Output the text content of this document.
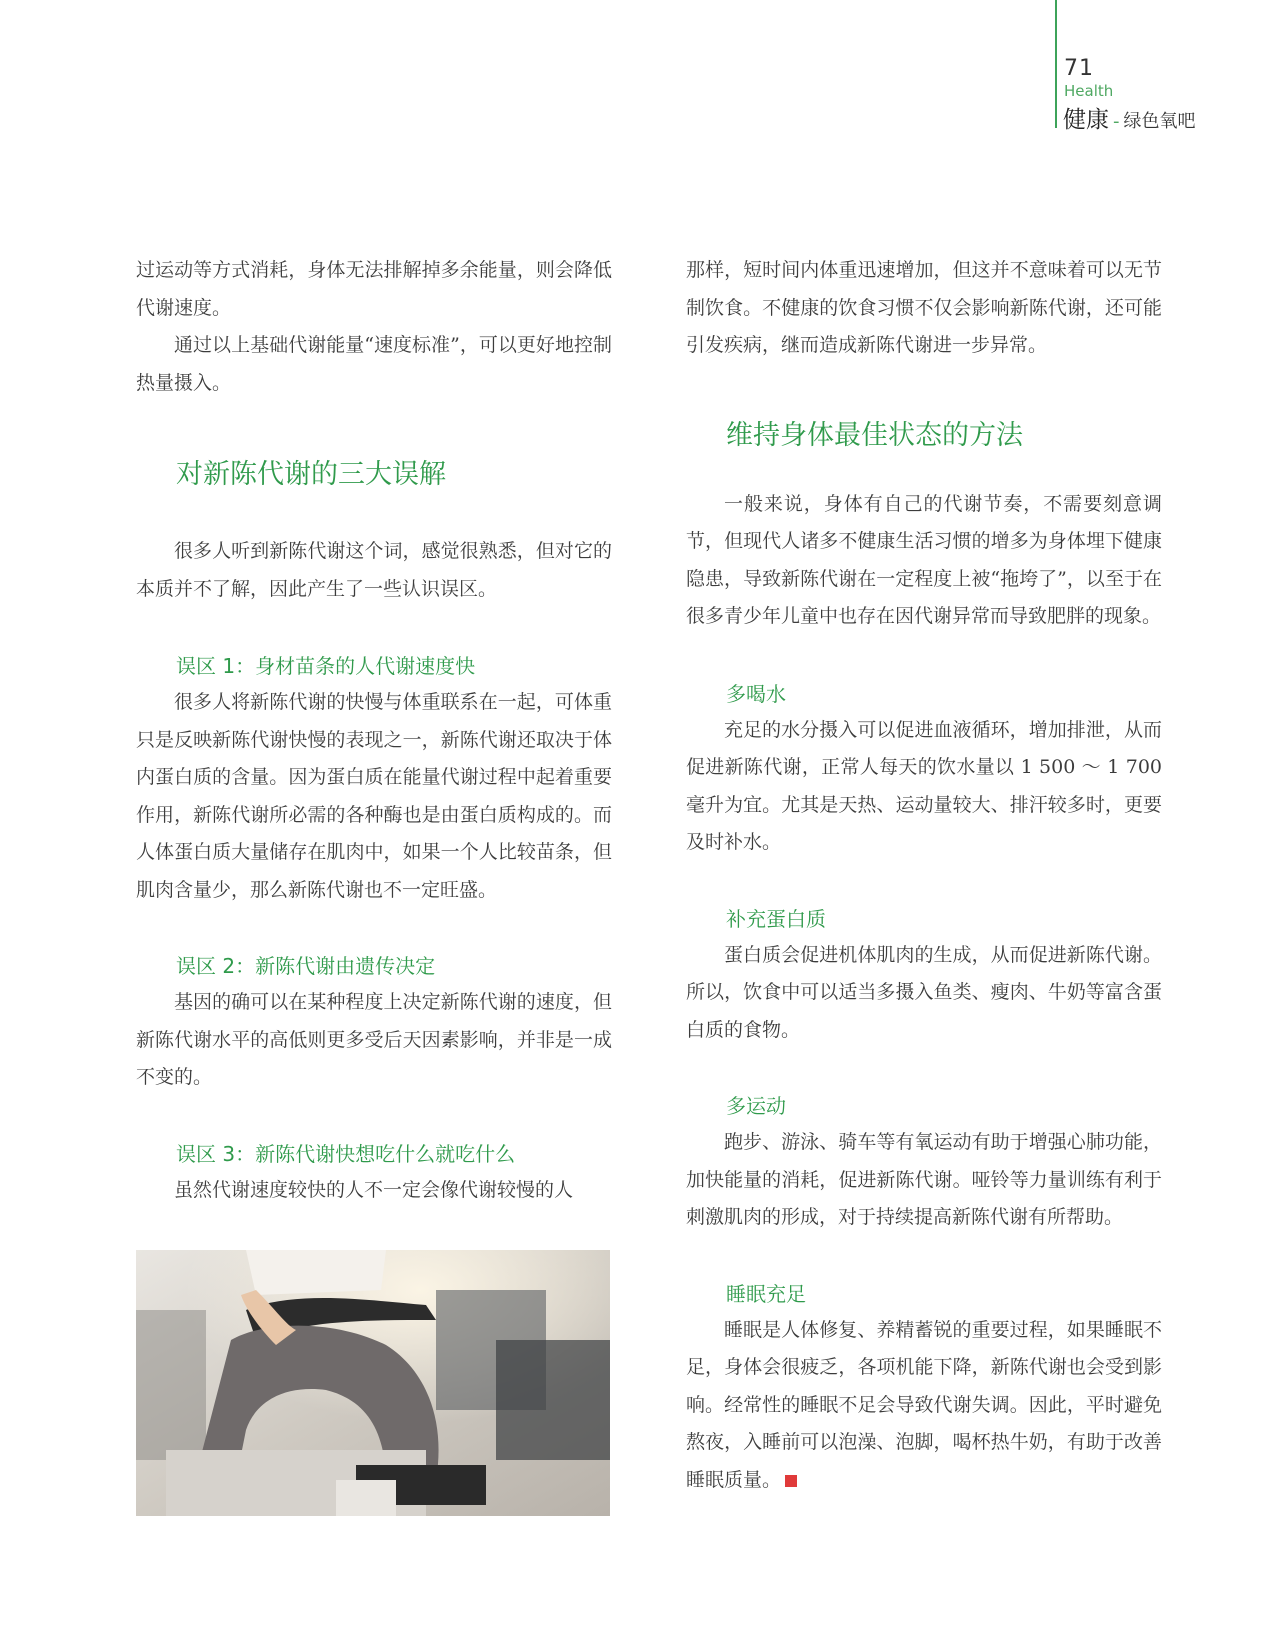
71
Health
健康 - 绿色氧吧

过运动等方式消耗，身体无法排解掉多余能量，则会降低代谢速度。

通过以上基础代谢能量“速度标准”，可以更好地控制热量摄入。

对新陈代谢的三大误解

很多人听到新陈代谢这个词，感觉很熟悉，但对它的本质并不了解，因此产生了一些认识误区。

误区 1：身材苗条的人代谢速度快

很多人将新陈代谢的快慢与体重联系在一起，可体重只是反映新陈代谢快慢的表现之一，新陈代谢还取决于体内蛋白质的含量。因为蛋白质在能量代谢过程中起着重要作用，新陈代谢所必需的各种酶也是由蛋白质构成的。而人体蛋白质大量储存在肌肉中，如果一个人比较苗条，但肌肉含量少，那么新陈代谢也不一定旺盛。

误区 2：新陈代谢由遗传决定

基因的确可以在某种程度上决定新陈代谢的速度，但新陈代谢水平的高低则更多受后天因素影响，并非是一成不变的。

误区 3：新陈代谢快想吃什么就吃什么

虽然代谢速度较快的人不一定会像代谢较慢的人

那样，短时间内体重迅速增加，但这并不意味着可以无节制饮食。不健康的饮食习惯不仅会影响新陈代谢，还可能引发疾病，继而造成新陈代谢进一步异常。

维持身体最佳状态的方法

一般来说，身体有自己的代谢节奏，不需要刻意调节，但现代人诸多不健康生活习惯的增多为身体埋下健康隐患，导致新陈代谢在一定程度上被“拖垮了”，以至于在很多青少年儿童中也存在因代谢异常而导致肥胖的现象。

多喝水

充足的水分摄入可以促进血液循环，增加排泄，从而促进新陈代谢，正常人每天的饮水量以 1 500 ～ 1 700 毫升为宜。尤其是天热、运动量较大、排汗较多时，更要及时补水。

补充蛋白质

蛋白质会促进机体肌肉的生成，从而促进新陈代谢。所以，饮食中可以适当多摄入鱼类、瘦肉、牛奶等富含蛋白质的食物。

多运动

跑步、游泳、骑车等有氧运动有助于增强心肺功能，加快能量的消耗，促进新陈代谢。哑铃等力量训练有利于刺激肌肉的形成，对于持续提高新陈代谢有所帮助。

睡眠充足

睡眠是人体修复、养精蓄锐的重要过程，如果睡眠不足，身体会很疲乏，各项机能下降，新陈代谢也会受到影响。经常性的睡眠不足会导致代谢失调。因此，平时避免熬夜，入睡前可以泡澡、泡脚，喝杯热牛奶，有助于改善睡眠质量。	s
